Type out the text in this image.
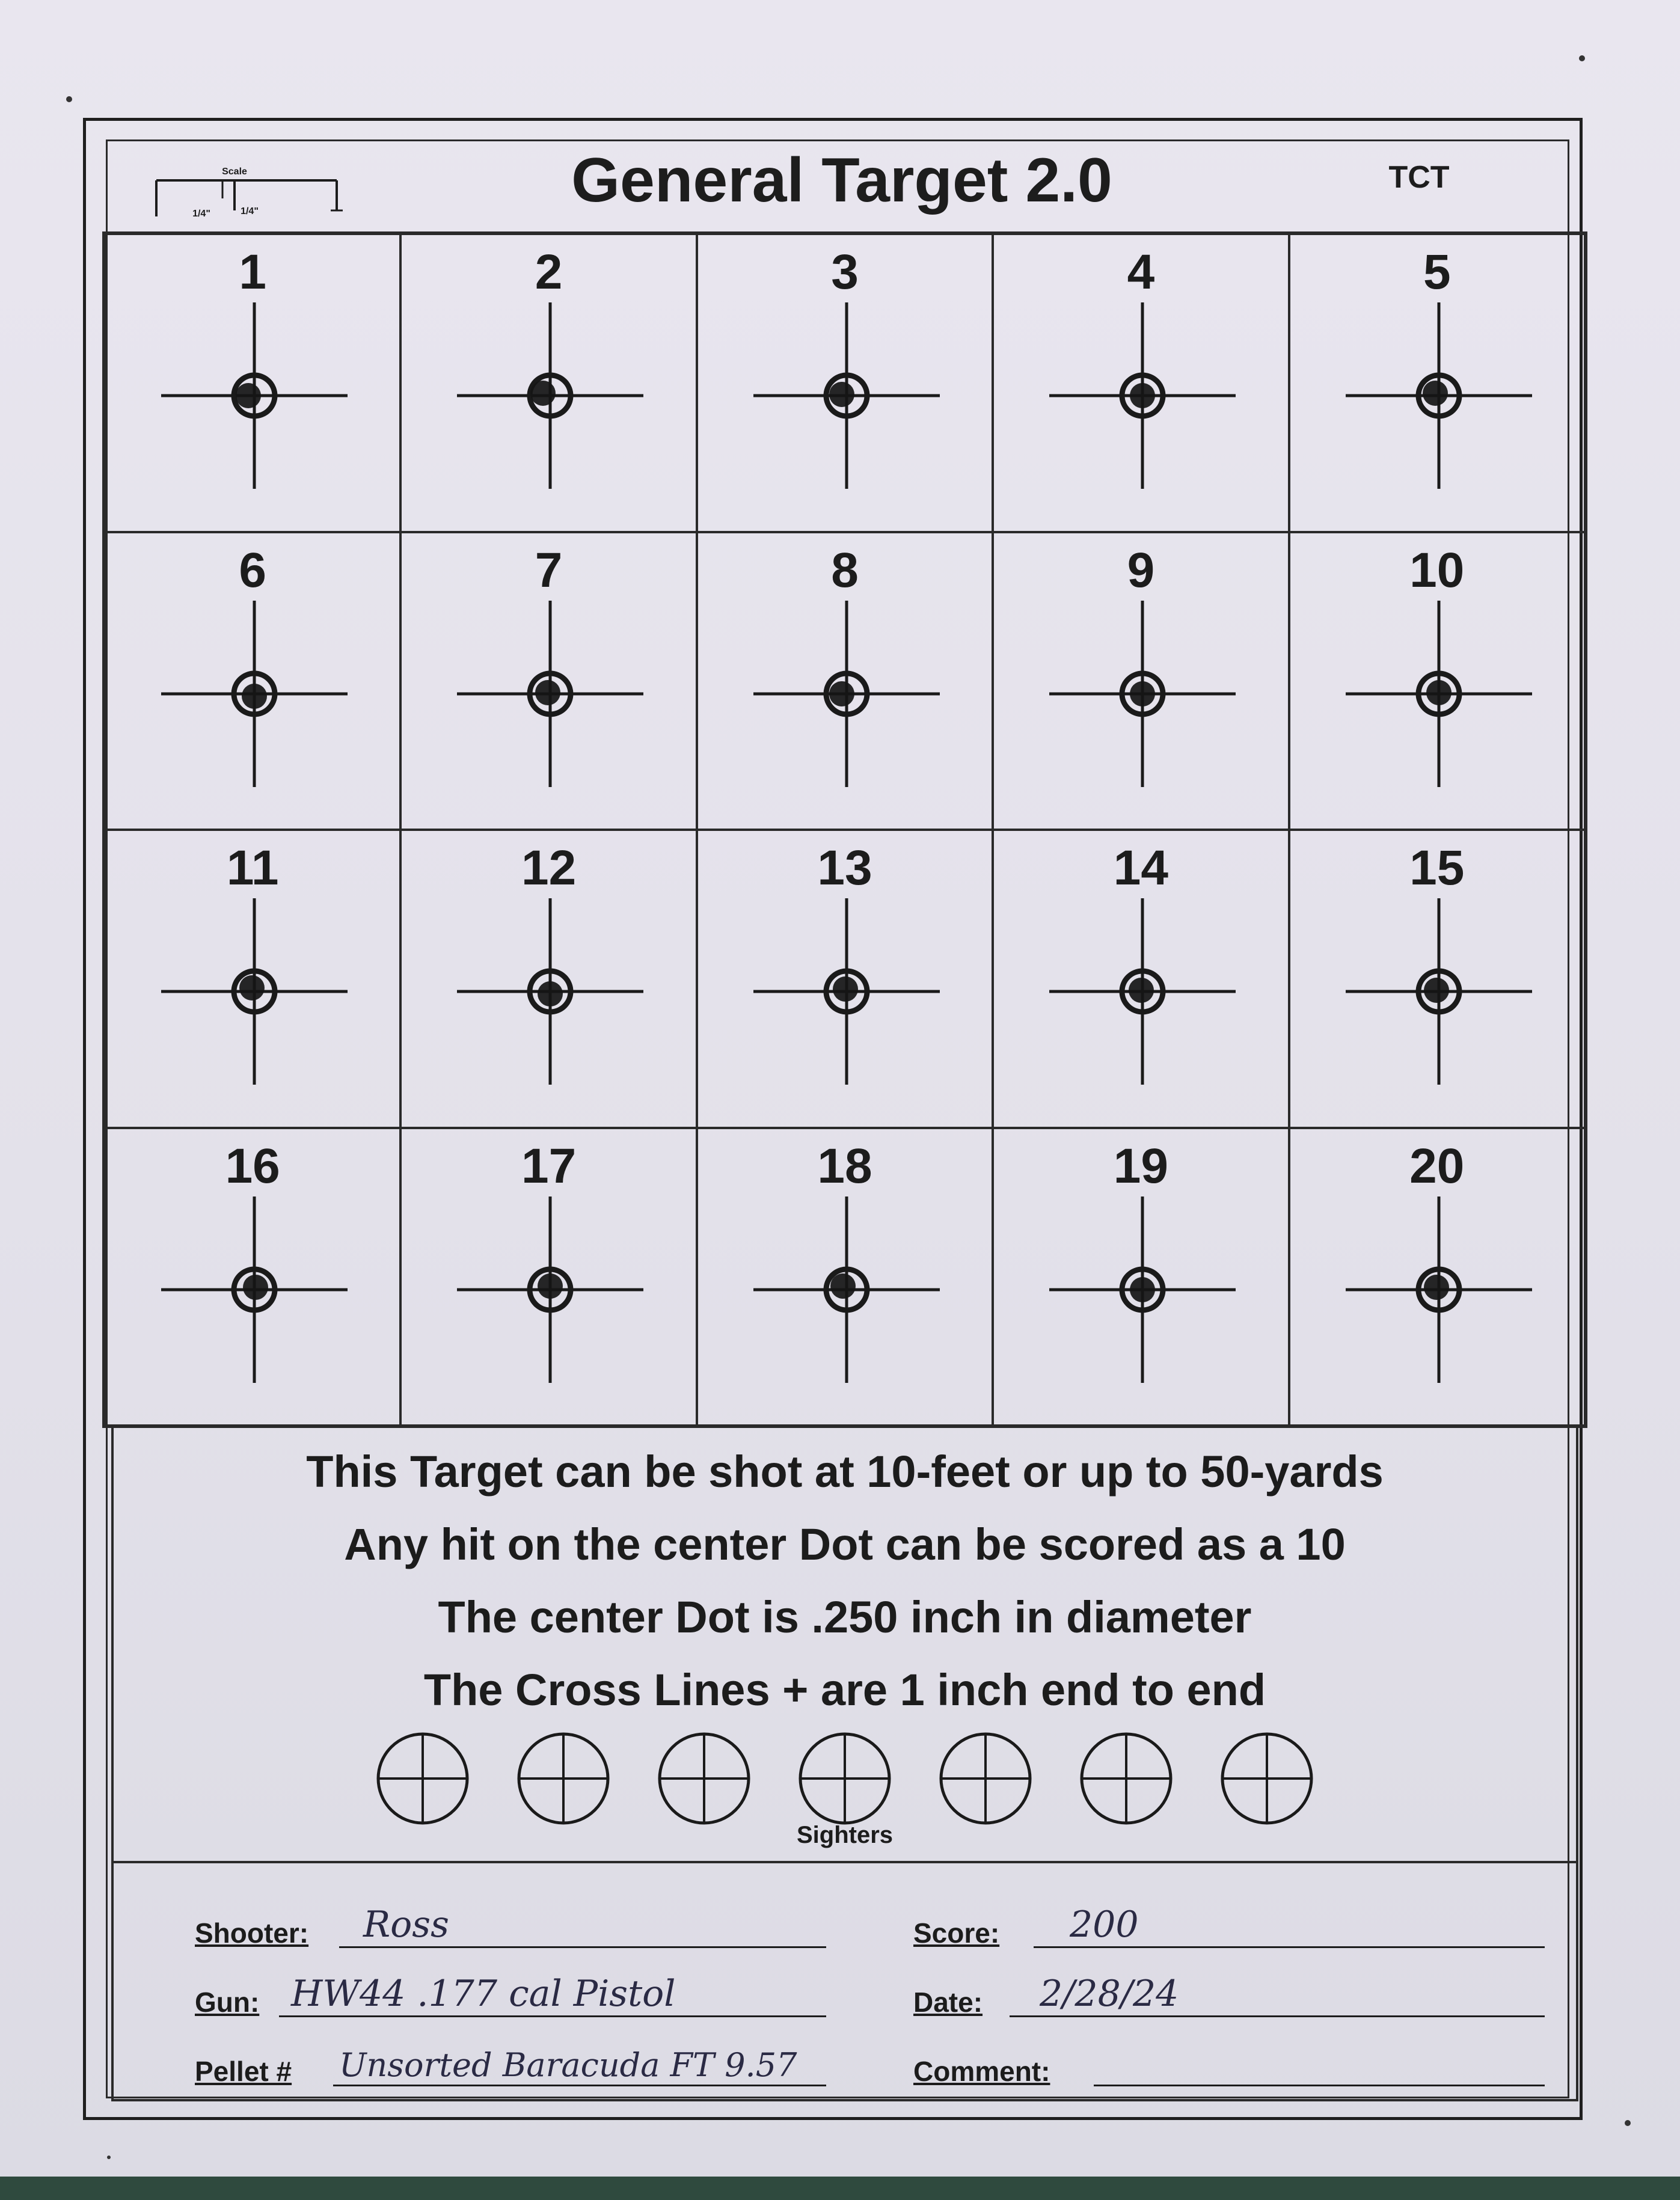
Scale
1/4"	1/4"	General Target 2.0	TCT
1	2	3	4	5
6	7	8	9	10
11	12	13	14	15
16	17	18	19	20
This Target can be shot at 10-feet or up to 50-yards
Any hit on the center Dot can be scored as a 10
The center Dot is .250 inch in diameter
The Cross Lines + are 1 inch end to end
Sighters
Shooter: Ross	Score: 200
Gun: HW44 .177 cal Pistol	Date: 2/28/24
Pellet # Unsorted Baracuda FT 9.57	Comment:
